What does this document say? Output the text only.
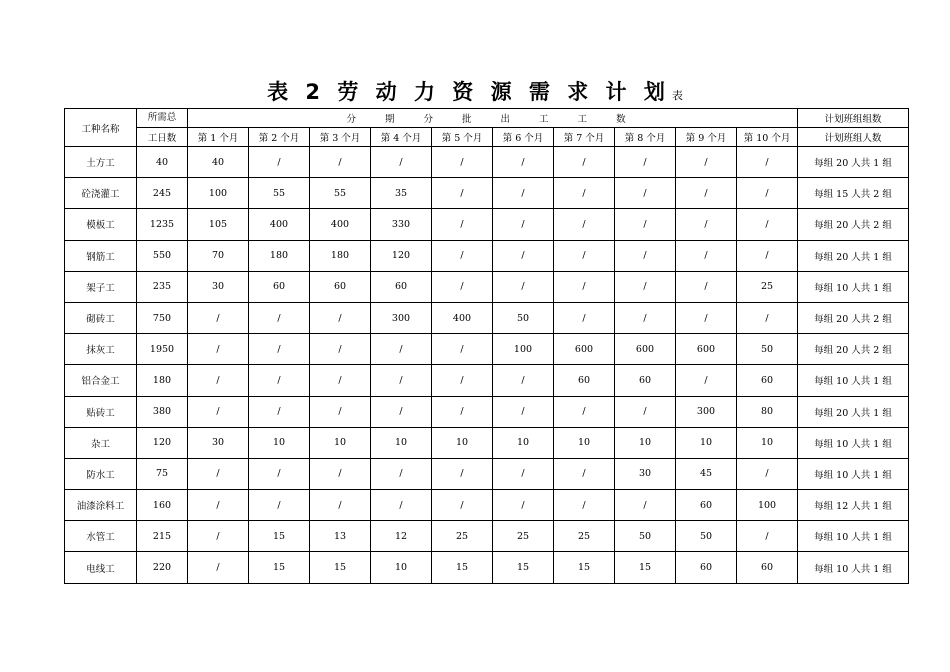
表 2 劳 动 力 资 源 需 求 计 划 表
工种名称	所需总	分 期 分 批 出 工 工 数										计划班组组数
	工日数	第 1 个月	第 2 个月	第 3 个月	第 4 个月	第 5 个月	第 6 个月	第 7 个月	第 8 个月	第 9 个月	第 10 个月	计划班组人数
土方工	40	40	/	/	/	/	/	/	/	/	/	每组 20 人共 1 组
砼浇灌工	245	100	55	55	35	/	/	/	/	/	/	每组 15 人共 2 组
模板工	1235	105	400	400	330	/	/	/	/	/	/	每组 20 人共 2 组
钢筋工	550	70	180	180	120	/	/	/	/	/	/	每组 20 人共 1 组
架子工	235	30	60	60	60	/	/	/	/	/	25	每组 10 人共 1 组
砌砖工	750	/	/	/	300	400	50	/	/	/	/	每组 20 人共 2 组
抹灰工	1950	/	/	/	/	/	100	600	600	600	50	每组 20 人共 2 组
铝合金工	180	/	/	/	/	/	/	60	60	/	60	每组 10 人共 1 组
贴砖工	380	/	/	/	/	/	/	/	/	300	80	每组 20 人共 1 组
杂工	120	30	10	10	10	10	10	10	10	10	10	每组 10 人共 1 组
防水工	75	/	/	/	/	/	/	/	30	45	/	每组 10 人共 1 组
油漆涂料工	160	/	/	/	/	/	/	/	/	60	100	每组 12 人共 1 组
水管工	215	/	15	13	12	25	25	25	50	50	/	每组 10 人共 1 组
电线工	220	/	15	15	10	15	15	15	15	60	60	每组 10 人共 1 组
